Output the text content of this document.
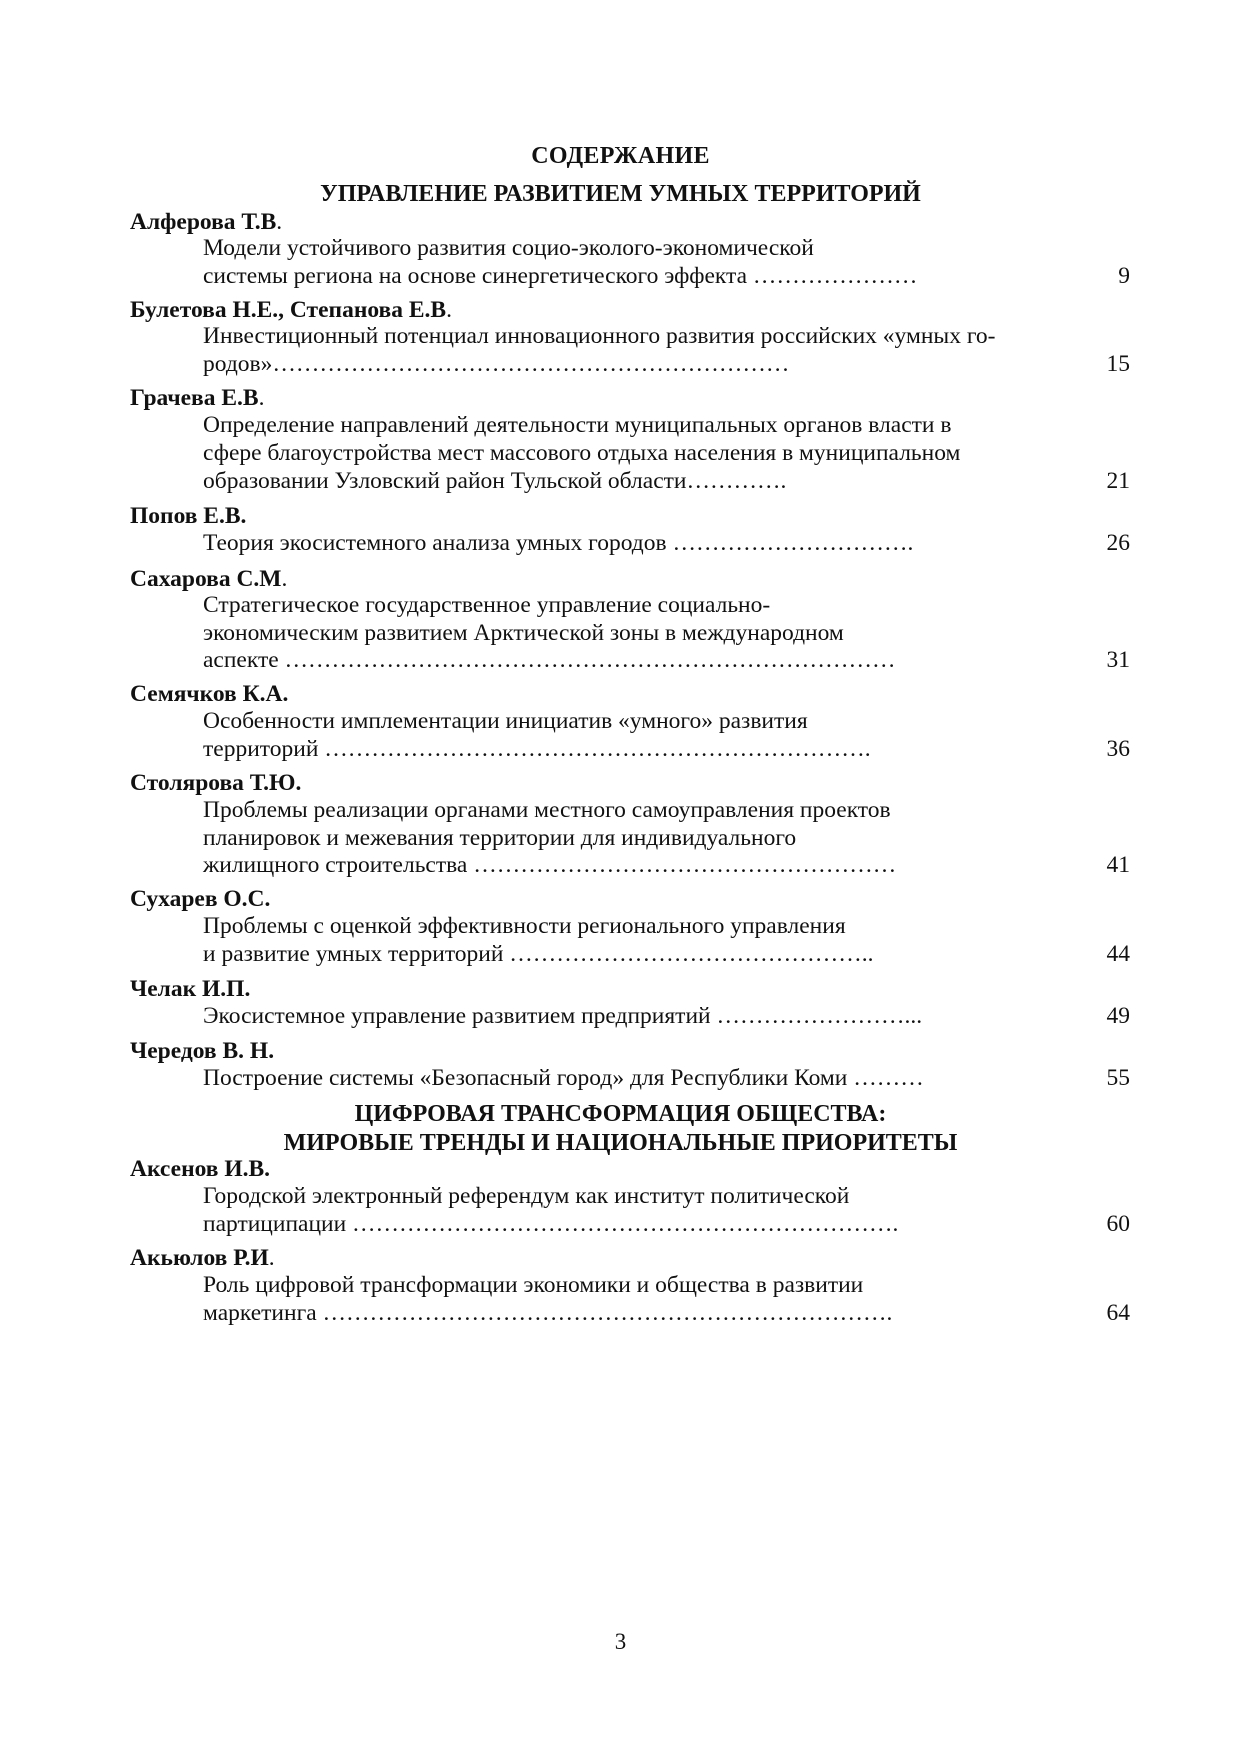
СОДЕРЖАНИЕ
УПРАВЛЕНИЕ РАЗВИТИЕМ УМНЫХ ТЕРРИТОРИЙ
ЦИФРОВАЯ ТРАНСФОРМАЦИЯ ОБЩЕСТВА:
МИРОВЫЕ ТРЕНДЫ И НАЦИОНАЛЬНЫЕ ПРИОРИТЕТЫ
Алферова Т.В.
Модели устойчивого развития социо-эколого-экономической
системы региона на основе синергетического эффекта …………………	9
Булетова Н.Е., Степанова Е.В.
Инвестиционный потенциал инновационного развития российских «умных го-
родов»…………………………………………………………	15
Грачева Е.В.
Определение направлений деятельности муниципальных органов власти в
сфере благоустройства мест массового отдыха населения в муниципальном
образовании Узловский район Тульской области………….	21
Попов Е.В.
Теория экосистемного анализа умных городов ………………………….	26
Сахарова С.М.
Стратегическое государственное управление социально-
экономическим развитием Арктической зоны в международном
аспекте ……………………………………………………………………	31
Семячков К.А.
Особенности имплементации инициатив «умного» развития
территорий …………………………………………………………….	36
Столярова Т.Ю.
Проблемы реализации органами местного самоуправления проектов
планировок и межевания территории для индивидуального
жилищного строительства ………………………………………………	41
Сухарев О.С.
Проблемы с оценкой эффективности регионального управления
и развитие умных территорий ………………………………………..	44
Челак И.П.
Экосистемное управление развитием предприятий ……………………...	49
Чередов В. Н.
Построение системы «Безопасный город» для Республики Коми ………	55
Аксенов И.В.
Городской электронный референдум как институт политической
партиципации …………………………………………………………….	60
Акьюлов Р.И.
Роль цифровой трансформации экономики и общества в развитии
маркетинга ……………………………………………………………….	64
3
